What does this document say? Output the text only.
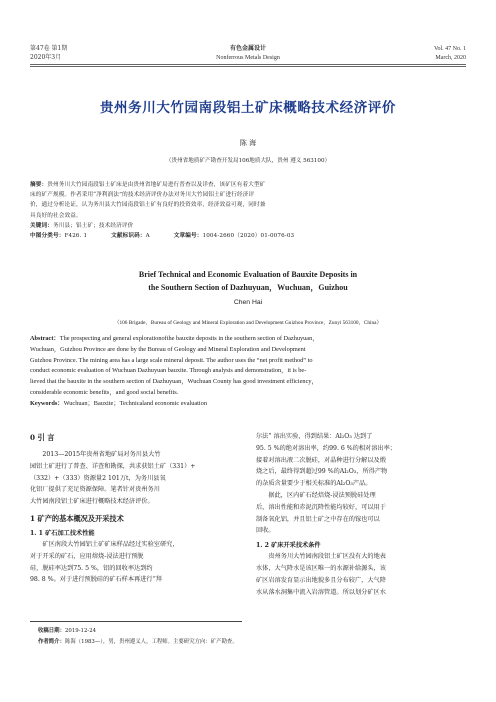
第47卷 第1期
2020年3月
有色金属设计
Nonferrous Metals Design
Vol. 47 No. 1
March, 2020
贵州务川大竹园南段铝土矿床概略技术经济评价
陈 海
（贵州省地质矿产勘查开发局106地质大队，贵州 遵义 563100）
摘要：贵州务川大竹园南段铝土矿床是由贵州省地矿局进行普查以及详查，该矿区有着大型矿
床的矿产规模。作者采用“净利润法”的技术经济评价办法对务川大竹园铝土矿进行经济评
价，通过分析论证，认为务川县大竹园南段铝土矿有良好的投资效率，经济效益可观，同时兼
具良好的社会效益。
关键词：务川县；铝土矿；技术经济评价
中图分类号：F426. 1	文献标识码：A	文章编号：1004-2660（2020）01-0076-03
Brief Technical and Economic Evaluation of Bauxite Deposits in
the Southern Section of Dazhuyuan，Wuchuan，Guizhou
Chen Hai
（106 Brigade，Bureau of Geology and Mineral Exploration and Development Guizhou Province，Zunyi 563100，China）
Abstract：The prospecting and general explorationofthe bauxite deposits in the southern section of Dazhuyuan，
Wuchuan，Guizhou Province are done by the Bureau of Geology and Mineral Exploration and Development
Guizhou Province. The mining area has a large scale mineral deposit. The author uses the “net profit method” to
conduct economic evaluation of Wuchuan Dazhuyuan bauxite. Through analysis and demonstration，it is be-
lieved that the bauxite in the southern section of Dazhuyuan，Wuchuan County has good investment efficiency，
considerable economic benefits，and good social benefits.
Keywords：Wuchuan；Bauxite；Technicaland economic evaluation
0 引 言
2013—2015年贵州省地矿局对务川县大竹
园铝土矿进行了普查、详查和勘探，共求获铝土矿（331）+
（332）+（333）资源量2 101万t，为务川县氧
化铝厂提供了充足资源保障。笔者针对贵州务川
大竹园南段铝土矿床进行概略技术经济评价。
1 矿产的基本概况及开采技术
1. 1 矿石加工技术性能
矿区南段大竹园铝土矿矿床样品经过实验室研究，
对于开采的矿石，应用熔烧-浸法进行预脱
硅，脱硅率达到75. 5 %，铝的回收率达到约
98. 8 %。对于进行预脱硅的矿石样本再进行“拜
尔法” 溶出实验，得到结果：Al₂O₃ 达到了
95. 5 %的绝对溶出率，约99. 6 %的相对溶出率；
接着对溶出液二次脱硅，对晶种进行分解以及煅
烧之后，最终得到超过99 %的Al₂O₃，所得产物
的杂质含量要少于相关标准的Al₂O₃产品。
据此，区内矿石经焙烧-浸法预脱硅处理
后，溶出性能和赤泥沉降性能均较好，可以用于
制备氧化铝，并且铝土矿之中存在的镓也可以
回收。
1. 2 矿床开采技术条件
贵州务川大竹园南段铝土矿区没有大的地表
水体，大气降水是该区唯一的水源补给源头，该
矿区岩溶发育显示出地貌多且分布较广，大气降
水从落水洞集中流入岩溶管道。所以划分矿区水
收稿日期：2019-12-24
作者简介：陈海（1983—），男，贵州遵义人，工程师。主要研究方向：矿产勘查。
